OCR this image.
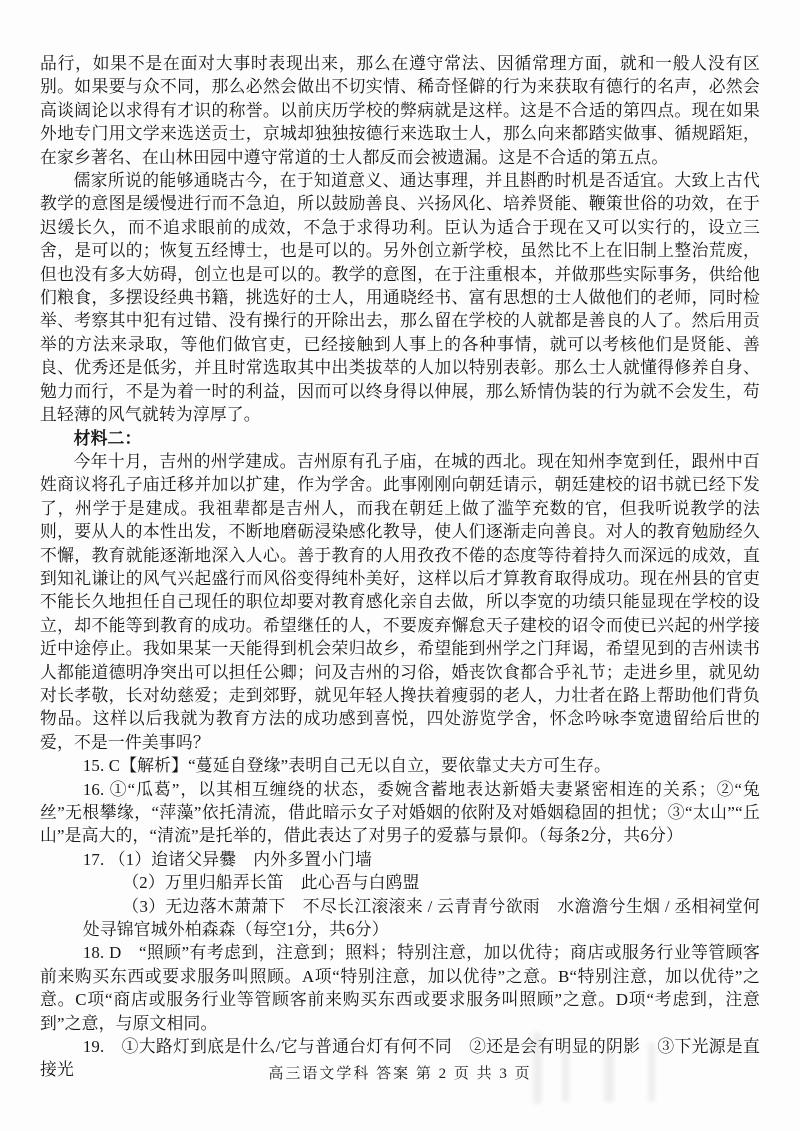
品行，如果不是在面对大事时表现出来，那么在遵守常法、因循常理方面，就和一般人没有区别。如果要与众不同，那么必然会做出不切实情、稀奇怪僻的行为来获取有德行的名声，必然会高谈阔论以求得有才识的称誉。以前庆历学校的弊病就是这样。这是不合适的第四点。现在如果外地专门用文学来选送贡士，京城却独独按德行来选取士人，那么向来都踏实做事、循规蹈矩，在家乡著名、在山林田园中遵守常道的士人都反而会被遗漏。这是不合适的第五点。

儒家所说的能够通晓古今，在于知道意义、通达事理，并且斟酌时机是否适宜。大致上古代教学的意图是缓慢进行而不急迫，所以鼓励善良、兴扬风化、培养贤能、鞭策世俗的功效，在于迟缓长久，而不追求眼前的成效，不急于求得功利。臣认为适合于现在又可以实行的，设立三舍，是可以的；恢复五经博士，也是可以的。另外创立新学校，虽然比不上在旧制上整治荒废，但也没有多大妨碍，创立也是可以的。教学的意图，在于注重根本，并做那些实际事务，供给他们粮食，多摆设经典书籍，挑选好的士人，用通晓经书、富有思想的士人做他们的老师，同时检举、考察其中犯有过错、没有操行的开除出去，那么留在学校的人就都是善良的人了。然后用贡举的方法来录取，等他们做官吏，已经接触到人事上的各种事情，就可以考核他们是贤能、善良、优秀还是低劣，并且时常选取其中出类拔萃的人加以特别表彰。那么士人就懂得修养自身、勉力而行，不是为着一时的利益，因而可以终身得以伸展，那么矫情伪装的行为就不会发生，苟且轻薄的风气就转为淳厚了。

材料二：

今年十月，吉州的州学建成。吉州原有孔子庙，在城的西北。现在知州李宽到任，跟州中百姓商议将孔子庙迁移并加以扩建，作为学舍。此事刚刚向朝廷请示，朝廷建校的诏书就已经下发了，州学于是建成。我祖辈都是吉州人，而我在朝廷上做了滥竽充数的官，但我听说教学的法则，要从人的本性出发，不断地磨砺浸染感化教导，使人们逐渐走向善良。对人的教育勉励经久不懈，教育就能逐渐地深入人心。善于教育的人用孜孜不倦的态度等待着持久而深远的成效，直到知礼谦让的风气兴起盛行而风俗变得纯朴美好，这样以后才算教育取得成功。现在州县的官吏不能长久地担任自己现任的职位却要对教育感化亲自去做，所以李宽的功绩只能显现在学校的设立，却不能等到教育的成功。希望继任的人，不要废弃懈怠天子建校的诏令而使已兴起的州学接近中途停止。我如果某一天能得到机会荣归故乡，希望能到州学之门拜谒，希望见到的吉州读书人都能道德明净突出可以担任公卿；问及吉州的习俗，婚丧饮食都合乎礼节；走进乡里，就见幼对长孝敬，长对幼慈爱；走到郊野，就见年轻人搀扶着瘦弱的老人，力壮者在路上帮助他们背负物品。这样以后我就为教育方法的成功感到喜悦，四处游览学舍，怀念吟咏李宽遗留给后世的爱，不是一件美事吗？

15. C【解析】“蔓延自登缘”表明自己无以自立，要依靠丈夫方可生存。

16. ①“瓜葛”，以其相互缠绕的状态，委婉含蓄地表达新婚夫妻紧密相连的关系；②“兔丝”无根攀缘，“萍藻”依托清流，借此暗示女子对婚姻的依附及对婚姻稳固的担忧；③“太山”“丘山”是高大的，“清流”是托举的，借此表达了对男子的爱慕与景仰。（每条2分，共6分）

17. （1）迨诸父异爨　内外多置小门墙

（2）万里归船弄长笛　此心吾与白鸥盟

（3）无边落木萧萧下　不尽长江滚滚来 / 云青青兮欲雨　水澹澹兮生烟 / 丞相祠堂何处寻锦官城外柏森森（每空1分，共6分）

18. D　“照顾”有考虑到，注意到；照料；特别注意，加以优待；商店或服务行业等管顾客前来购买东西或要求服务叫照顾。A项“特别注意，加以优待”之意。B“特别注意，加以优待”之意。C项“商店或服务行业等管顾客前来购买东西或要求服务叫照顾”之意。D项“考虑到，注意到”之意，与原文相同。

19.　①大路灯到底是什么/它与普通台灯有何不同　②还是会有明显的阴影　③下光源是直接光	高三语文学科 答案 第 2 页 共 3 页
